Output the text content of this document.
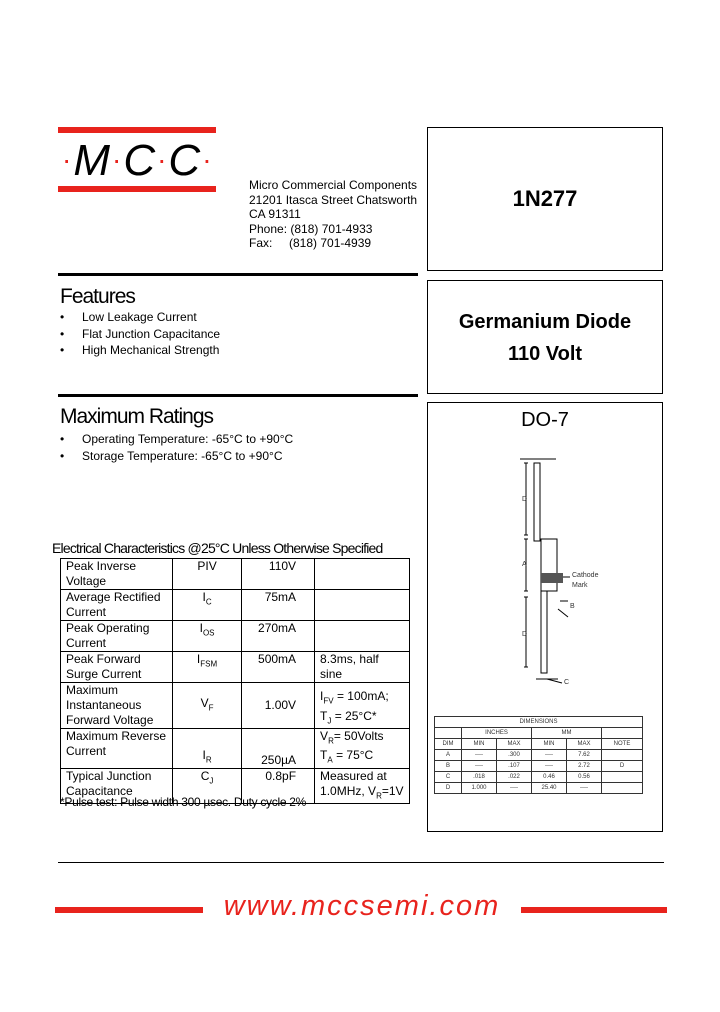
·M·C·C·
Micro Commercial Components
21201 Itasca Street Chatsworth
CA 91311
Phone: (818) 701-4933
Fax: (818) 701-4939
1N277
Germanium Diode
110 Volt
DO-7
D
A
Cathode Mark
B
D
C
DIMENSIONS					
	INCHES		MM		
DIM	MIN	MAX	MIN	MAX	NOTE
A	----	.300	----	7.62	
B	----	.107	----	2.72	D
C	.018	.022	0.46	0.56	
D	1.000	----	25.40	----	
Features
• Low Leakage Current
• Flat Junction Capacitance
• High Mechanical Strength
Maximum Ratings
• Operating Temperature: -65°C to +90°C
• Storage Temperature: -65°C to +90°C
Electrical Characteristics @25°C Unless Otherwise Specified
Peak Inverse Voltage	PIV	110V	
Average Rectified Current	$I_C$	75mA	
Peak Operating Current	$I_{OS}$	270mA	
Peak Forward Surge Current	$I_{FSM}$	500mA	8.3ms, half sine
Maximum Instantaneous Forward Voltage	$V_F$	1.00V	$I_{FV} = 100mA$;
$T_J = 25^\circ C*$

Maximum Reverse Current	$I_R$	250µA	$V_R=$ 50Volts
$T_A = 75^\circ C$

Typical Junction Capacitance	$C_J$	0.8pF	Measured at
1.0MHz, $V_R=1V$
*Pulse test: Pulse width 300 µsec. Duty cycle 2%
www.mccsemi.com
